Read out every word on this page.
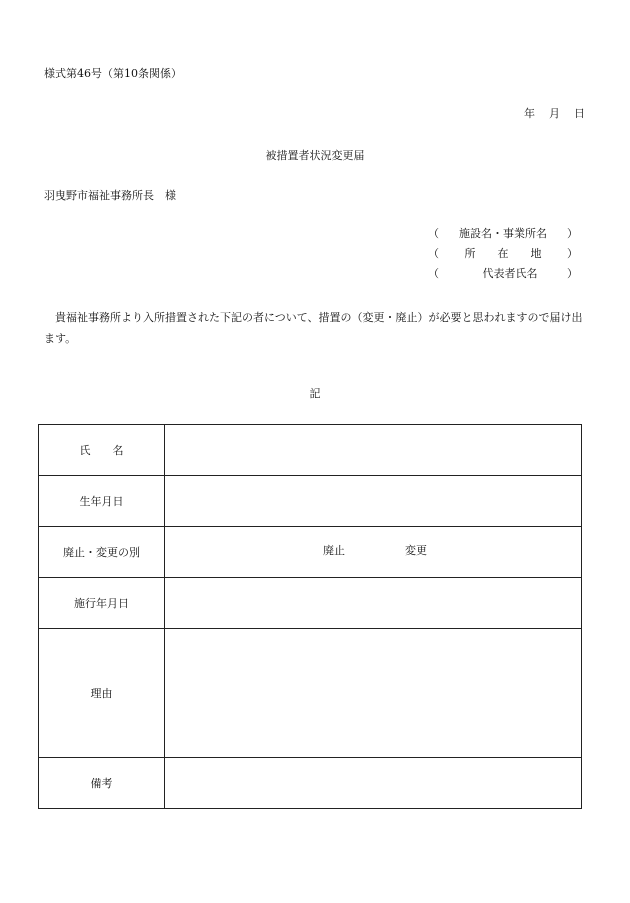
様式第46号（第10条関係）
年 月 日
被措置者状況変更届
羽曳野市福祉事務所長　様
（	施設名・事業所名	）
（	所　　在　　地	）
（	代表者氏名	）
貴福祉事務所より入所措置された下記の者について、措置の（変更・廃止）が必要と思われますので届け出ます。
記
氏　　名	
生年月日	
廃止・変更の別	廃止 変更

施行年月日	
理由	
備考	
